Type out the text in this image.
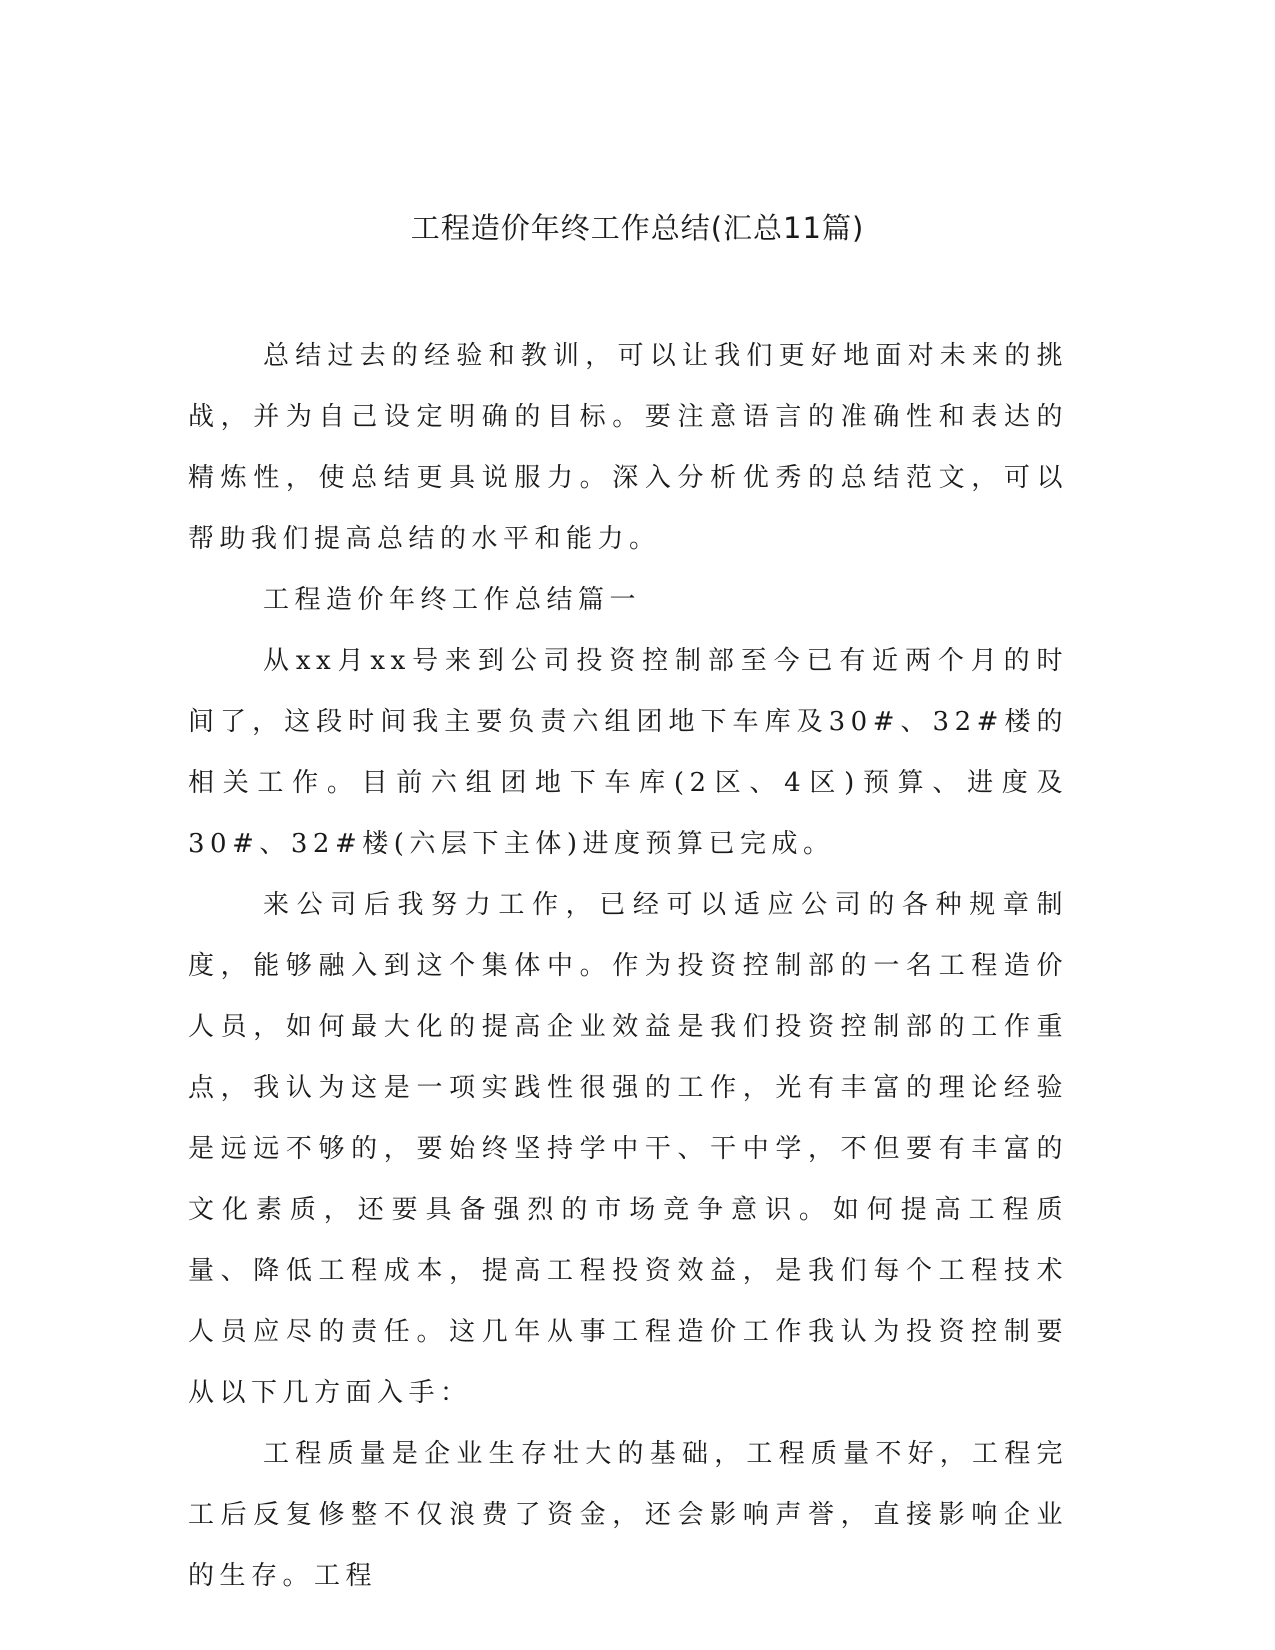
工程造价年终工作总结(汇总11篇)

总结过去的经验和教训，可以让我们更好地面对未来的挑战，并为自己设定明确的目标。要注意语言的准确性和表达的精炼性，使总结更具说服力。深入分析优秀的总结范文，可以帮助我们提高总结的水平和能力。

工程造价年终工作总结篇一

从xx月xx号来到公司投资控制部至今已有近两个月的时间了，这段时间我主要负责六组团地下车库及30#、32#楼的相关工作。目前六组团地下车库(2区、4区)预算、进度及30#、32#楼(六层下主体)进度预算已完成。

来公司后我努力工作，已经可以适应公司的各种规章制度，能够融入到这个集体中。作为投资控制部的一名工程造价人员，如何最大化的提高企业效益是我们投资控制部的工作重点，我认为这是一项实践性很强的工作，光有丰富的理论经验是远远不够的，要始终坚持学中干、干中学，不但要有丰富的文化素质，还要具备强烈的市场竞争意识。如何提高工程质量、降低工程成本，提高工程投资效益，是我们每个工程技术人员应尽的责任。这几年从事工程造价工作我认为投资控制要从以下几方面入手：

工程质量是企业生存壮大的基础，工程质量不好，工程完工后反复修整不仅浪费了资金，还会影响声誉，直接影响企业的生存。工程
